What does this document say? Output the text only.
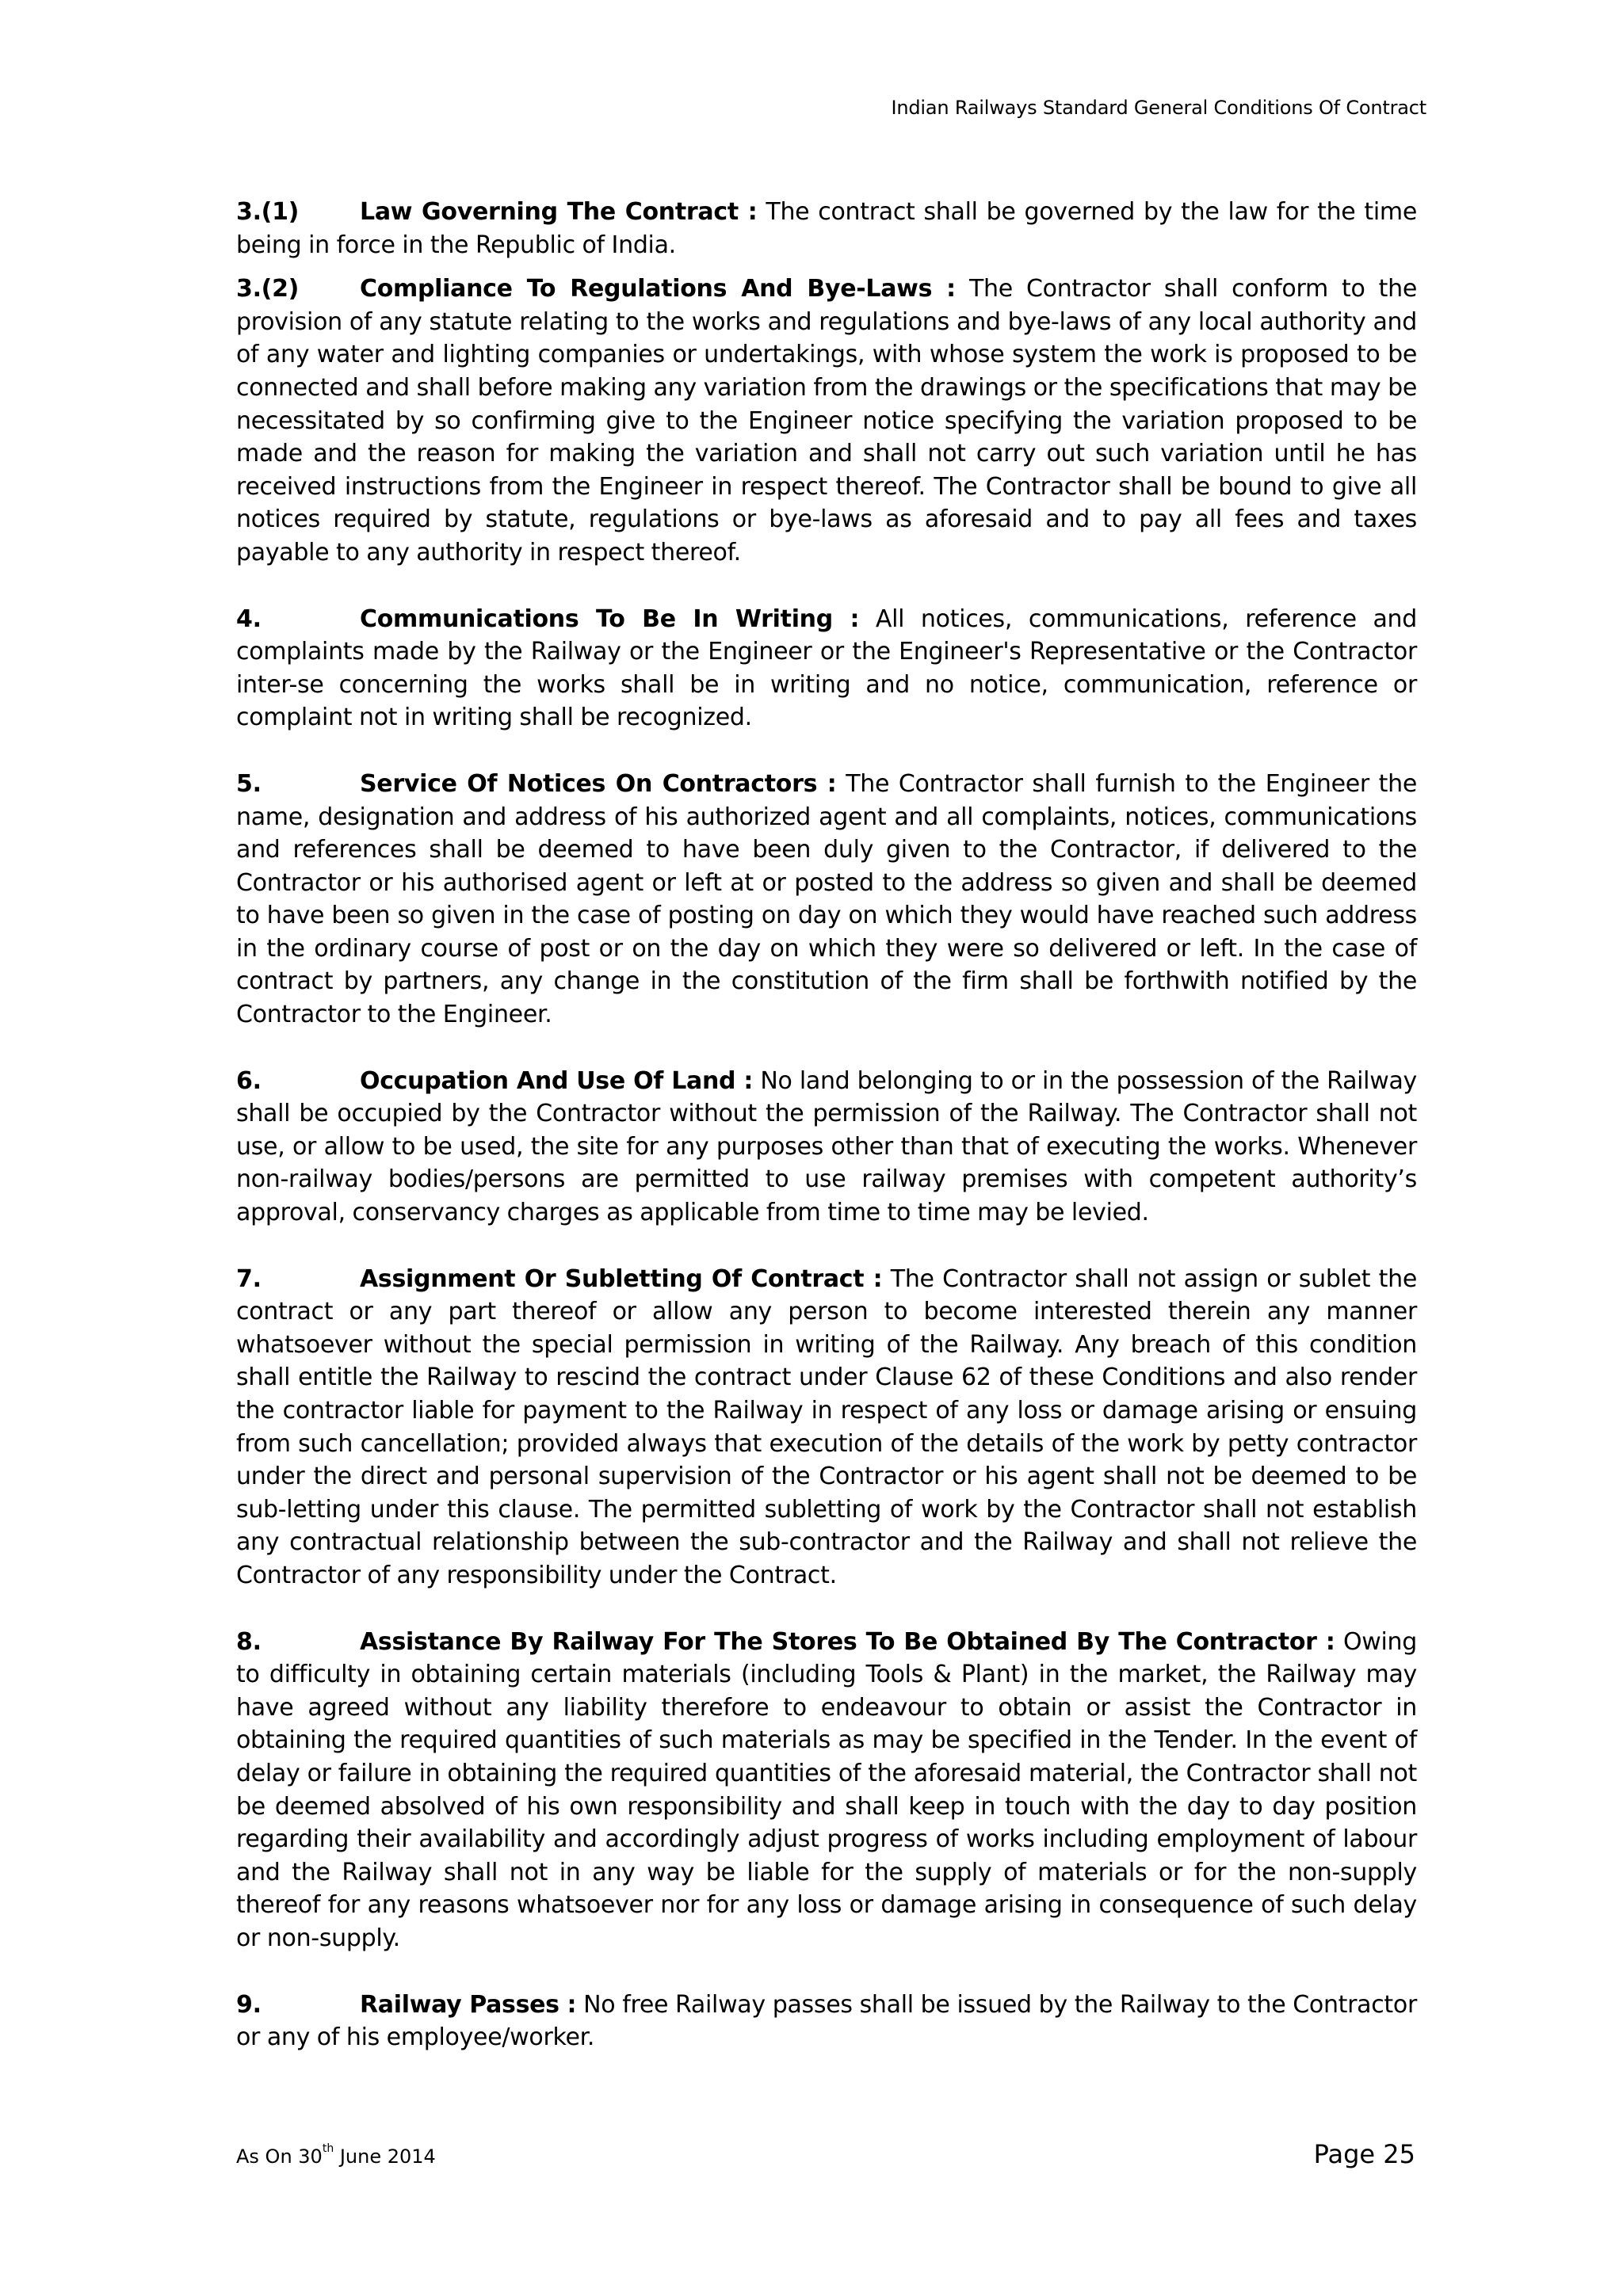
Indian Railways Standard General Conditions Of Contract

3.(1)	Law Governing The Contract : The contract shall be governed by the law for the time being in force in the Republic of India.

3.(2)	Compliance To Regulations And Bye-Laws : The Contractor shall conform to the provision of any statute relating to the works and regulations and bye-laws of any local authority and of any water and lighting companies or undertakings, with whose system the work is proposed to be connected and shall before making any variation from the drawings or the specifications that may be necessitated by so confirming give to the Engineer notice specifying the variation proposed to be made and the reason for making the variation and shall not carry out such variation until he has received instructions from the Engineer in respect thereof. The Contractor shall be bound to give all notices required by statute, regulations or bye-laws as aforesaid and to pay all fees and taxes payable to any authority in respect thereof.

4.	Communications To Be In Writing : All notices, communications, reference and complaints made by the Railway or the Engineer or the Engineer's Representative or the Contractor inter-se concerning the works shall be in writing and no notice, communication, reference or complaint not in writing shall be recognized.

5.	Service Of Notices On Contractors : The Contractor shall furnish to the Engineer the name, designation and address of his authorized agent and all complaints, notices, communications and references shall be deemed to have been duly given to the Contractor, if delivered to the Contractor or his authorised agent or left at or posted to the address so given and shall be deemed to have been so given in the case of posting on day on which they would have reached such address in the ordinary course of post or on the day on which they were so delivered or left. In the case of contract by partners, any change in the constitution of the firm shall be forthwith notified by the Contractor to the Engineer.

6.	Occupation And Use Of Land : No land belonging to or in the possession of the Railway shall be occupied by the Contractor without the permission of the Railway. The Contractor shall not use, or allow to be used, the site for any purposes other than that of executing the works. Whenever non-railway bodies/persons are permitted to use railway premises with competent authority’s approval, conservancy charges as applicable from time to time may be levied.

7.	Assignment Or Subletting Of Contract : The Contractor shall not assign or sublet the contract or any part thereof or allow any person to become interested therein any manner whatsoever without the special permission in writing of the Railway. Any breach of this condition shall entitle the Railway to rescind the contract under Clause 62 of these Conditions and also render the contractor liable for payment to the Railway in respect of any loss or damage arising or ensuing from such cancellation; provided always that execution of the details of the work by petty contractor under the direct and personal supervision of the Contractor or his agent shall not be deemed to be sub-letting under this clause. The permitted subletting of work by the Contractor shall not establish any contractual relationship between the sub-contractor and the Railway and shall not relieve the Contractor of any responsibility under the Contract.

8.	Assistance By Railway For The Stores To Be Obtained By The Contractor : Owing to difficulty in obtaining certain materials (including Tools & Plant) in the market, the Railway may have agreed without any liability therefore to endeavour to obtain or assist the Contractor in obtaining the required quantities of such materials as may be specified in the Tender. In the event of delay or failure in obtaining the required quantities of the aforesaid material, the Contractor shall not be deemed absolved of his own responsibility and shall keep in touch with the day to day position regarding their availability and accordingly adjust progress of works including employment of labour and the Railway shall not in any way be liable for the supply of materials or for the non-supply thereof for any reasons whatsoever nor for any loss or damage arising in consequence of such delay or non-supply.

9.	Railway Passes : No free Railway passes shall be issued by the Railway to the Contractor or any of his employee/worker.

As On 30th June 2014	Page 25
